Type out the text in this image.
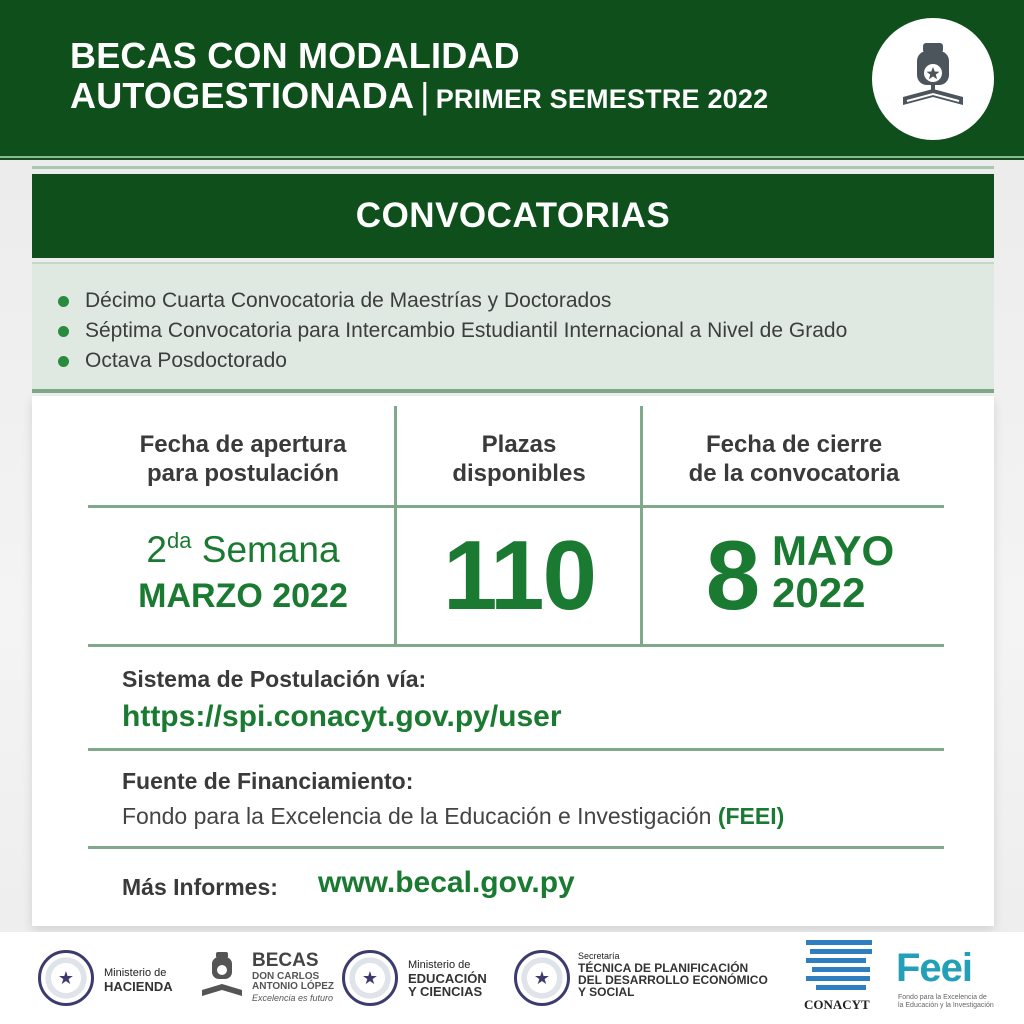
BECAS CON MODALIDAD
AUTOGESTIONADA | PRIMER SEMESTRE 2022
CONVOCATORIAS
Décimo Cuarta Convocatoria de Maestrías y Doctorados
Séptima Convocatoria para Intercambio Estudiantil Internacional a Nivel de Grado
Octava Posdoctorado
Fecha de apertura
para postulación
Plazas
disponibles
Fecha de cierre
de la convocatoria
$2^{da}$ Semana
MARZO 2022 110	8 MAYO
2022
Sistema de Postulación vía:
https://spi.conacyt.gov.py/user
Fuente de Financiamiento:
Fondo para la Excelencia de la Educación e Investigación (FEEI)
Más Informes: www.becal.gov.py
★	Ministerio de
HACIENDA
BECAS
DON CARLOS
ANTONIO LÓPEZ
Excelencia es futuro
★
Ministerio de
EDUCACIÓN
Y CIENCIAS
★
Secretaría
TÉCNICA DE PLANIFICACIÓN
DEL DESARROLLO ECONÓMICO
Y SOCIAL
CONACYT
Feei
Fondo para la Excelencia de
la Educación y la Investigación
